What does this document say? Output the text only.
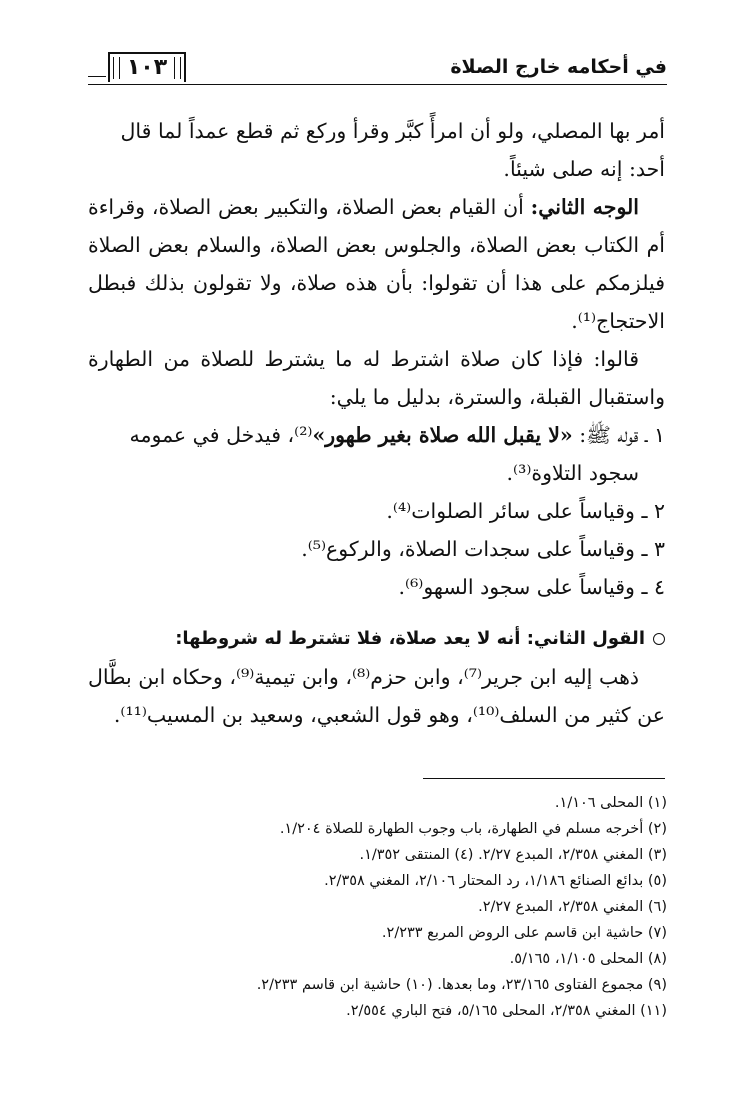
في أحكامه خارج الصلاة
١٠٣

أمر بها المصلي، ولو أن امرأً كبَّر وقرأ وركع ثم قطع عمداً لما قال
أحد: إنه صلى شيئاً.

الوجه الثاني: أن القيام بعض الصلاة، والتكبير بعض الصلاة، وقراءة أم الكتاب بعض الصلاة، والجلوس بعض الصلاة، والسلام بعض الصلاة فيلزمكم على هذا أن تقولوا: بأن هذه صلاة، ولا تقولون بذلك فبطل الاحتجاج⁽¹⁾.

قالوا: فإذا كان صلاة اشترط له ما يشترط للصلاة من الطهارة واستقبال القبلة، والسترة، بدليل ما يلي:

١ ـ قوله ﷺ: «لا يقبل الله صلاة بغير طهور»⁽²⁾، فيدخل في عمومه

سجود التلاوة⁽³⁾.

٢ ـ وقياساً على سائر الصلوات⁽⁴⁾.

٣ ـ وقياساً على سجدات الصلاة، والركوع⁽⁵⁾.

٤ ـ وقياساً على سجود السهو⁽⁶⁾.

القول الثاني: أنه لا يعد صلاة، فلا تشترط له شروطها:

ذهب إليه ابن جرير⁽⁷⁾، وابن حزم⁽⁸⁾، وابن تيمية⁽⁹⁾، وحكاه ابن بطَّال عن كثير من السلف⁽¹⁰⁾، وهو قول الشعبي، وسعيد بن المسيب⁽¹¹⁾.

(١) المحلى ١/١٠٦.

(٢) أخرجه مسلم في الطهارة، باب وجوب الطهارة للصلاة ١/٢٠٤.

(٣) المغني ٢/٣٥٨، المبدع ٢/٢٧. (٤) المنتقى ١/٣٥٢.

(٥) بدائع الصنائع ١/١٨٦، رد المحتار ٢/١٠٦، المغني ٢/٣٥٨.

(٦) المغني ٢/٣٥٨، المبدع ٢/٢٧.

(٧) حاشية ابن قاسم على الروض المربع ٢/٢٣٣.

(٨) المحلى ١/١٠٥، ٥/١٦٥.

(٩) مجموع الفتاوى ٢٣/١٦٥، وما بعدها. (١٠) حاشية ابن قاسم ٢/٢٣٣.

(١١) المغني ٢/٣٥٨، المحلى ٥/١٦٥، فتح الباري ٢/٥٥٤.
